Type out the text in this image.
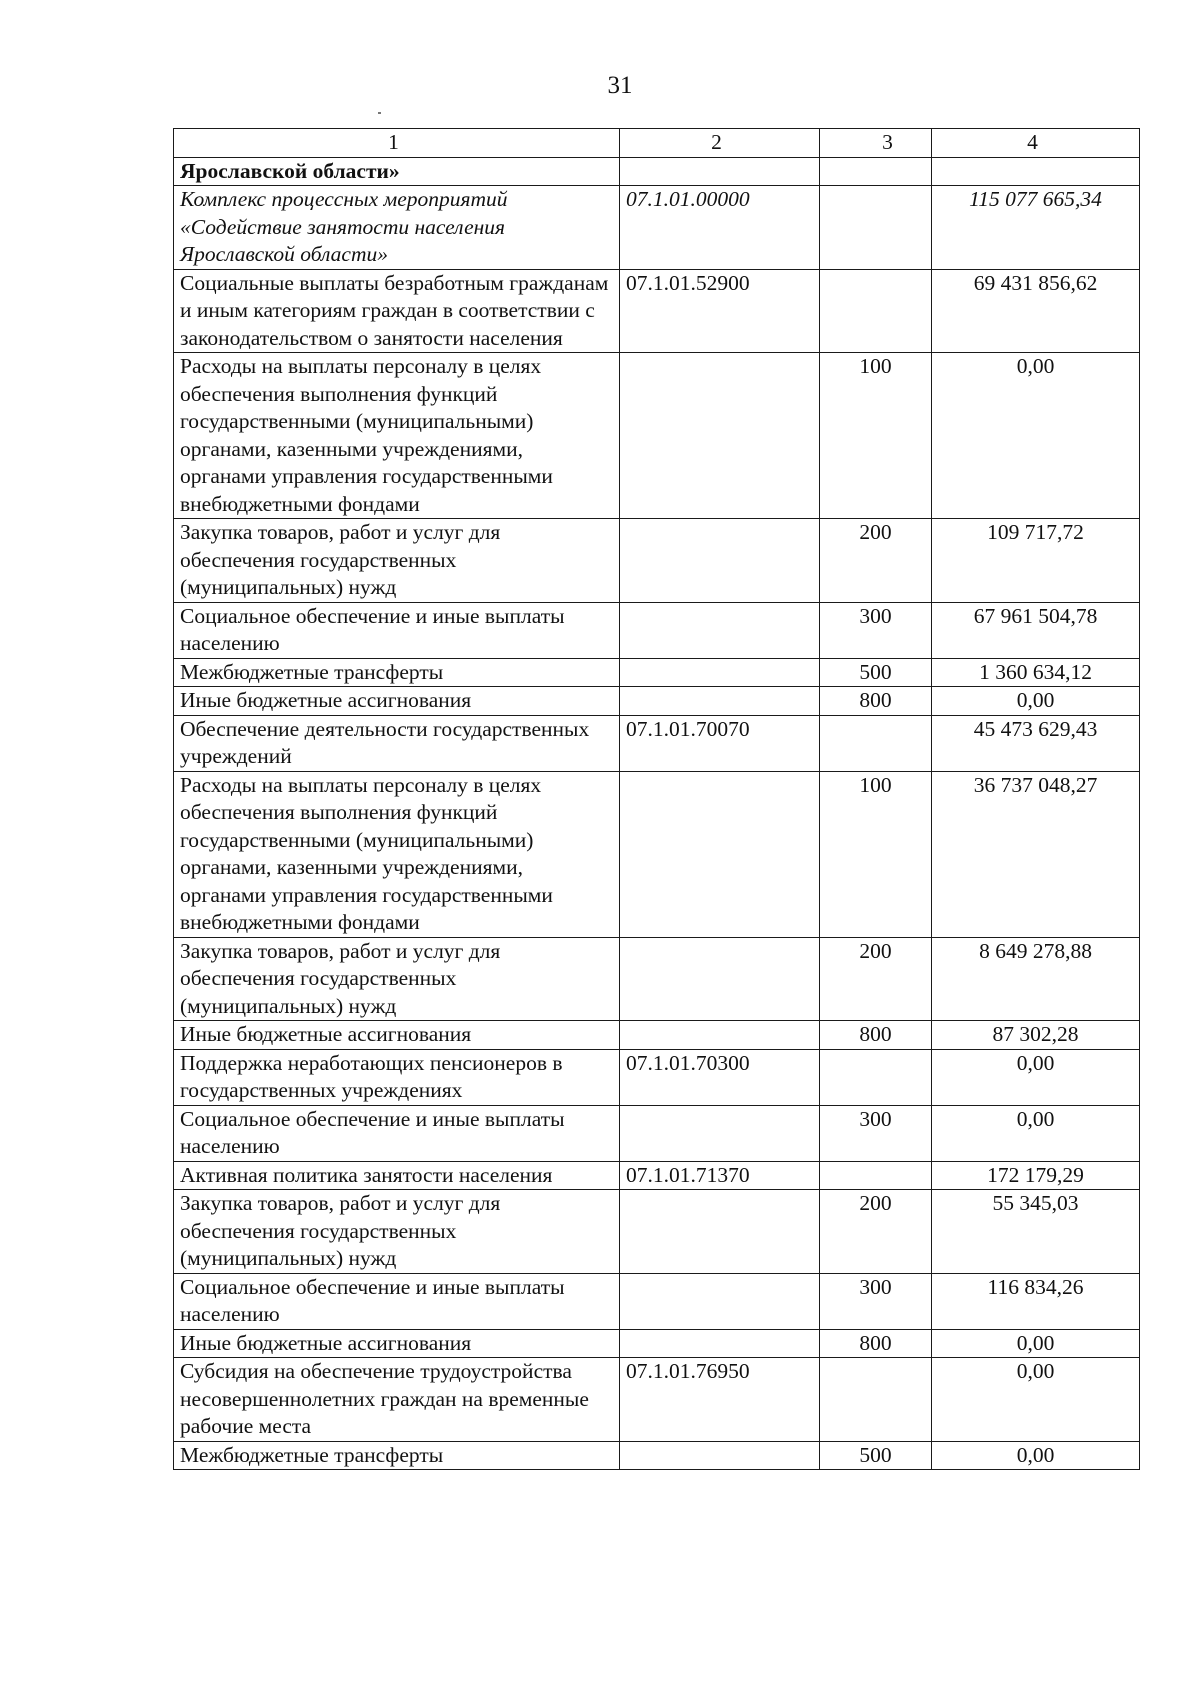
31
1	2	3	4
Ярославской области»			
Комплекс процессных мероприятий «Содействие занятости населения Ярославской области»	07.1.01.00000		115 077 665,34
Социальные выплаты безработным гражданам и иным категориям граждан в соответствии с законодательством о занятости населения	07.1.01.52900		69 431 856,62
Расходы на выплаты персоналу в целях обеспечения выполнения функций государственными (муниципальными) органами, казенными учреждениями, органами управления государственными внебюджетными фондами		100	0,00
Закупка товаров, работ и услуг для обеспечения государственных (муниципальных) нужд		200	109 717,72
Социальное обеспечение и иные выплаты населению		300	67 961 504,78
Межбюджетные трансферты		500	1 360 634,12
Иные бюджетные ассигнования		800	0,00
Обеспечение деятельности государственных учреждений	07.1.01.70070		45 473 629,43
Расходы на выплаты персоналу в целях обеспечения выполнения функций государственными (муниципальными) органами, казенными учреждениями, органами управления государственными внебюджетными фондами		100	36 737 048,27
Закупка товаров, работ и услуг для обеспечения государственных (муниципальных) нужд		200	8 649 278,88
Иные бюджетные ассигнования		800	87 302,28
Поддержка неработающих пенсионеров в государственных учреждениях	07.1.01.70300		0,00
Социальное обеспечение и иные выплаты населению		300	0,00
Активная политика занятости населения	07.1.01.71370		172 179,29
Закупка товаров, работ и услуг для обеспечения государственных (муниципальных) нужд		200	55 345,03
Социальное обеспечение и иные выплаты населению		300	116 834,26
Иные бюджетные ассигнования		800	0,00
Субсидия на обеспечение трудоустройства несовершеннолетних граждан на временные рабочие места	07.1.01.76950		0,00
Межбюджетные трансферты		500	0,00
